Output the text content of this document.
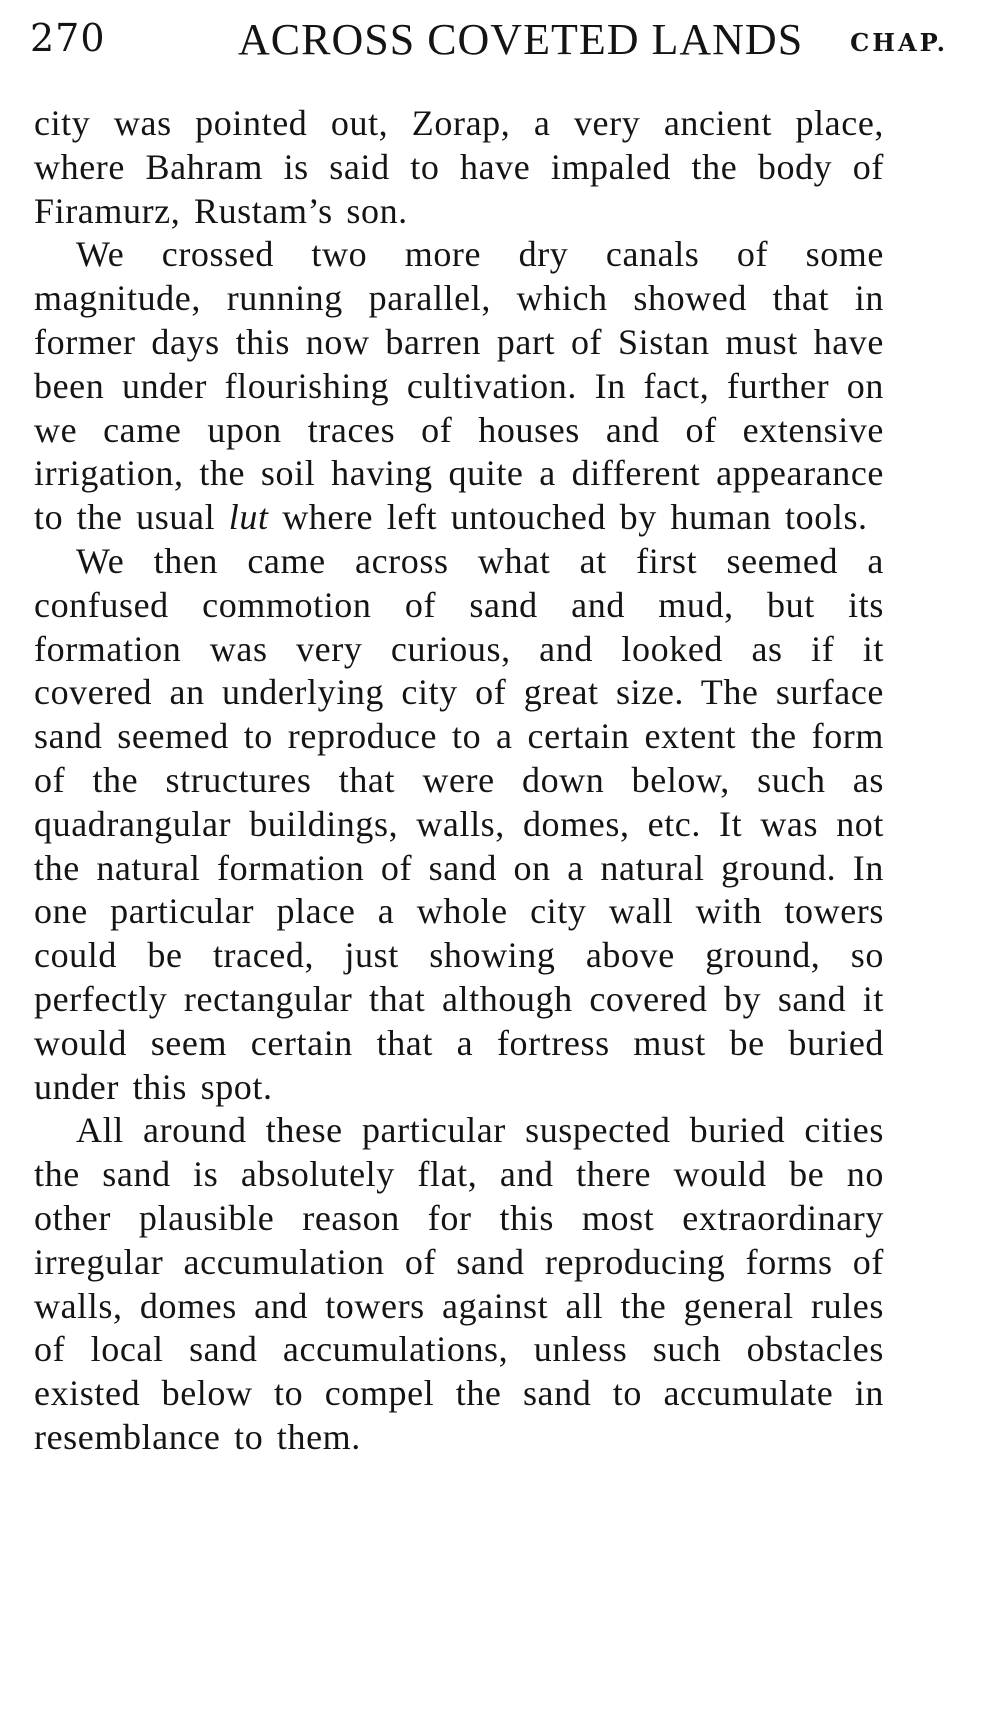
270	ACROSS COVETED LANDS CHAP.

city was pointed out, Zorap, a very ancient place, where Bahram is said to have impaled the body of Firamurz, Rustam’s son.

We crossed two more dry canals of some magnitude, running parallel, which showed that in former days this now barren part of Sistan must have been under flourishing cultivation. In fact, further on we came upon traces of houses and of extensive irrigation, the soil having quite a different appearance to the usual lut where left untouched by human tools.

We then came across what at first seemed a confused commotion of sand and mud, but its formation was very curious, and looked as if it covered an underlying city of great size. The surface sand seemed to reproduce to a certain extent the form of the structures that were down below, such as quadrangular buildings, walls, domes, etc. It was not the natural formation of sand on a natural ground. In one particular place a whole city wall with towers could be traced, just showing above ground, so perfectly rectangular that although covered by sand it would seem certain that a fortress must be buried under this spot.

All around these particular suspected buried cities the sand is absolutely flat, and there would be no other plausible reason for this most extraordinary irregular accumulation of sand reproducing forms of walls, domes and towers against all the general rules of local sand accumulations, unless such obstacles existed below to compel the sand to accumulate in resemblance to them.
